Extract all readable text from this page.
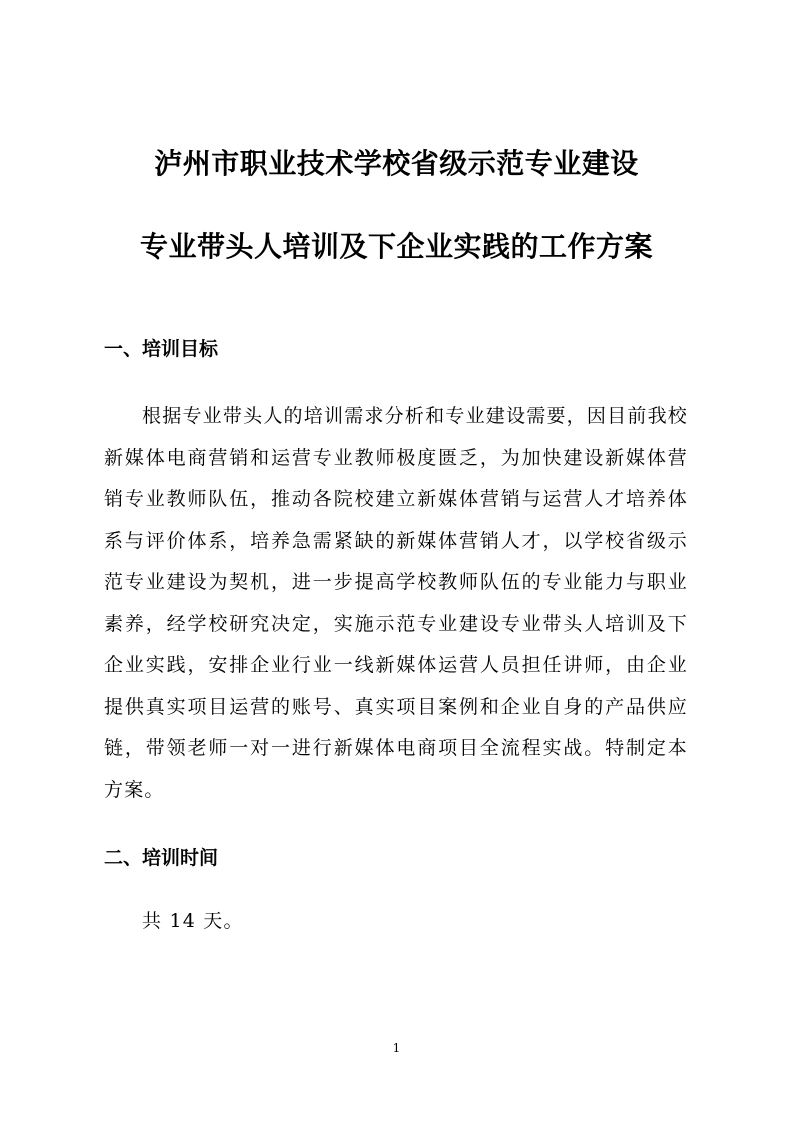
泸州市职业技术学校省级示范专业建设
专业带头人培训及下企业实践的工作方案
一、培训目标

根据专业带头人的培训需求分析和专业建设需要，因目前我校新媒体电商营销和运营专业教师极度匮乏，为加快建设新媒体营销专业教师队伍，推动各院校建立新媒体营销与运营人才培养体系与评价体系，培养急需紧缺的新媒体营销人才，以学校省级示范专业建设为契机，进一步提高学校教师队伍的专业能力与职业素养，经学校研究决定，实施示范专业建设专业带头人培训及下企业实践，安排企业行业一线新媒体运营人员担任讲师，由企业提供真实项目运营的账号、真实项目案例和企业自身的产品供应链，带领老师一对一进行新媒体电商项目全流程实战。特制定本方案。

二、培训时间

共 14 天。

1
